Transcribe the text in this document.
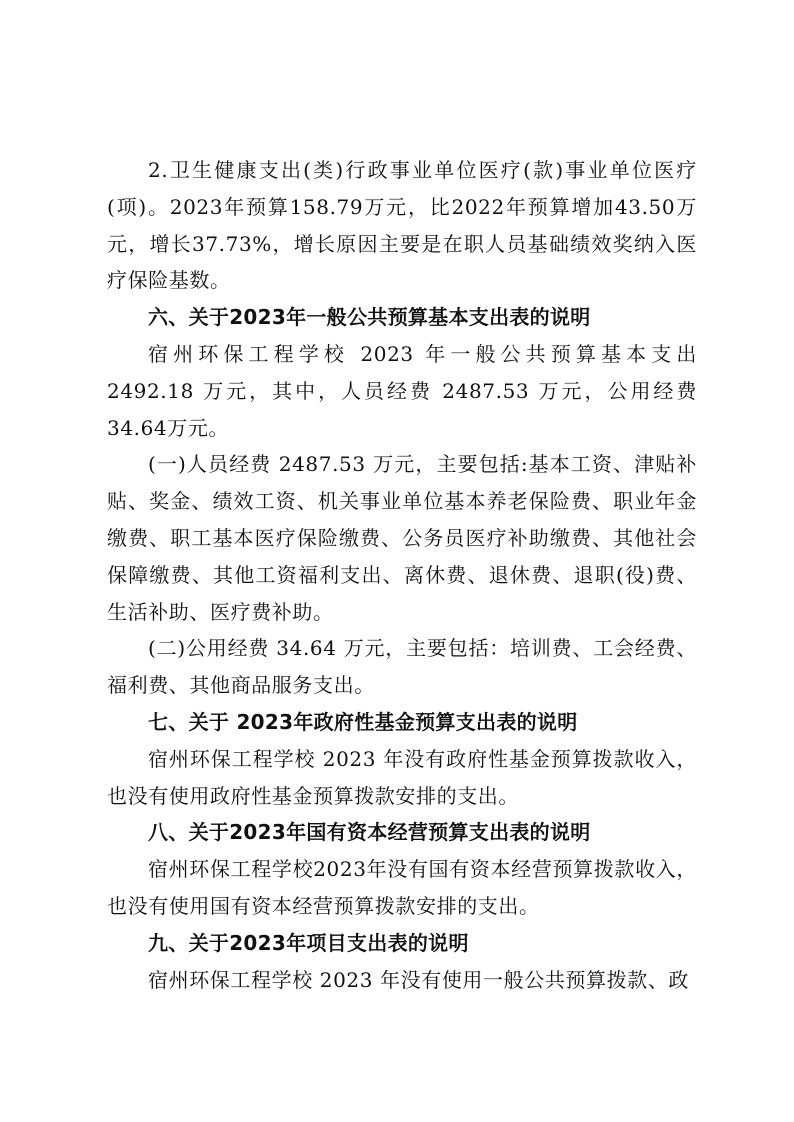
2.卫生健康支出(类)行政事业单位医疗(款)事业单位医疗(项)。2023年预算158.79万元，比2022年预算增加43.50万元，增长37.73%，增长原因主要是在职人员基础绩效奖纳入医疗保险基数。

六、关于2023年一般公共预算基本支出表的说明

宿州环保工程学校 2023 年一般公共预算基本支出 2492.18 万元，其中，人员经费 2487.53 万元，公用经费34.64万元。

(一)人员经费 2487.53 万元，主要包括:基本工资、津贴补贴、奖金、绩效工资、机关事业单位基本养老保险费、职业年金缴费、职工基本医疗保险缴费、公务员医疗补助缴费、其他社会保障缴费、其他工资福利支出、离休费、退休费、退职(役)费、生活补助、医疗费补助。

(二)公用经费 34.64 万元，主要包括：培训费、工会经费、福利费、其他商品服务支出。

七、关于 2023年政府性基金预算支出表的说明

宿州环保工程学校 2023 年没有政府性基金预算拨款收入，也没有使用政府性基金预算拨款安排的支出。

八、关于2023年国有资本经营预算支出表的说明

宿州环保工程学校2023年没有国有资本经营预算拨款收入，也没有使用国有资本经营预算拨款安排的支出。

九、关于2023年项目支出表的说明

宿州环保工程学校 2023 年没有使用一般公共预算拨款、政
